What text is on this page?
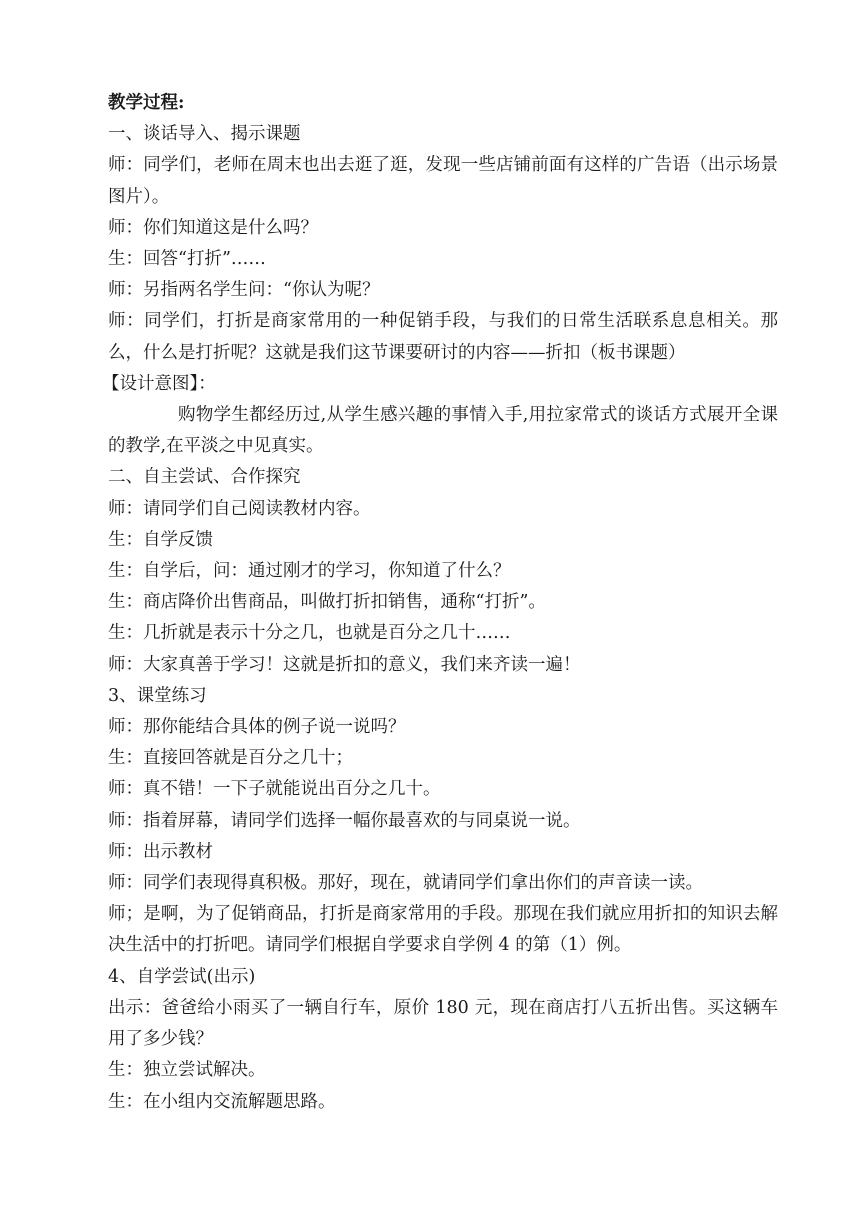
教学过程:
一、谈话导入、揭示课题
师：同学们，老师在周末也出去逛了逛，发现一些店铺前面有这样的广告语（出示场景图片）。
师：你们知道这是什么吗？
生：回答“打折”……
师：另指两名学生问：“你认为呢？
师：同学们，打折是商家常用的一种促销手段，与我们的日常生活联系息息相关。那么，什么是打折呢？这就是我们这节课要研讨的内容——折扣（板书课题）
【设计意图】：
购物学生都经历过,从学生感兴趣的事情入手,用拉家常式的谈话方式展开全课的教学,在平淡之中见真实。
二、自主尝试、合作探究
师：请同学们自己阅读教材内容。
生：自学反馈
生：自学后，问：通过刚才的学习，你知道了什么？
生：商店降价出售商品，叫做打折扣销售，通称“打折”。
生：几折就是表示十分之几，也就是百分之几十……
师：大家真善于学习！这就是折扣的意义，我们来齐读一遍！
3、课堂练习
师：那你能结合具体的例子说一说吗？
生：直接回答就是百分之几十；
师：真不错！一下子就能说出百分之几十。
师：指着屏幕，请同学们选择一幅你最喜欢的与同桌说一说。
师：出示教材
师：同学们表现得真积极。那好，现在，就请同学们拿出你们的声音读一读。
师；是啊，为了促销商品，打折是商家常用的手段。那现在我们就应用折扣的知识去解决生活中的打折吧。请同学们根据自学要求自学例 4 的第（1）例。
4、自学尝试(出示)
出示：爸爸给小雨买了一辆自行车，原价 180 元，现在商店打八五折出售。买这辆车用了多少钱？
生：独立尝试解决。
生：在小组内交流解题思路。
